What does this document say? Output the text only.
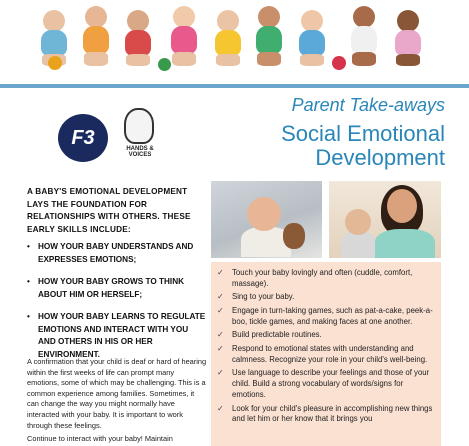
F3
HANDS & VOICES
Parent Take-aways
Social Emotional
Development
A BABY'S EMOTIONAL DEVELOPMENT LAYS THE FOUNDATION FOR RELATIONSHIPS WITH OTHERS. THESE EARLY SKILLS INCLUDE:
• HOW YOUR BABY UNDERSTANDS AND EXPRESSES EMOTIONS;
• HOW YOUR BABY GROWS TO THINK ABOUT HIM OR HERSELF;
• HOW YOUR BABY LEARNS TO REGULATE EMOTIONS AND INTERACT WITH YOU AND OTHERS IN HIS OR HER ENVIRONMENT.

A confirmation that your child is deaf or hard of hearing within the first weeks of life can prompt many emotions, some of which may be challenging. This is a common experience among families. Sometimes, it can change the way you might normally have interacted with your baby. It is important to work through these feelings.

Continue to interact with your baby! Maintain

✓ Touch your baby lovingly and often (cuddle, comfort, massage).
✓ Sing to your baby.
✓ Engage in turn-taking games, such as pat-a-cake, peek-a-boo, tickle games, and making faces at one another.
✓ Build predictable routines.
✓ Respond to emotional states with understanding and calmness. Recognize your role in your child's well-being.
✓ Use language to describe your feelings and those of your child. Build a strong vocabulary of words/signs for emotions.
✓ Look for your child's pleasure in accomplishing new things and let him or her know that it brings you
